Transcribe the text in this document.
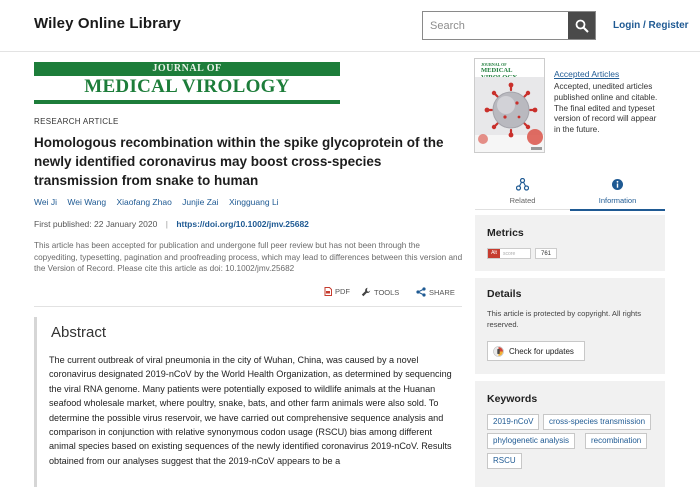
Wiley Online Library
Search	Login / Register
JOURNAL OF
MEDICAL VIROLOGY
RESEARCH ARTICLE
Homologous recombination within the spike glycoprotein of the newly identified coronavirus may boost cross‐species transmission from snake to human
Wei Ji Wei Wang Xiaofang Zhao Junjie Zai Xingguang Li
First published: 22 January 2020 | https://doi.org/10.1002/jmv.25682
This article has been accepted for publication and undergone full peer review but has not been through the copyediting, typesetting, pagination and proofreading process, which may lead to differences between this version and the Version of Record. Please cite this article as doi: 10.1002/jmv.25682
PDF	TOOLS	SHARE
Abstract
The current outbreak of viral pneumonia in the city of Wuhan, China, was caused by a novel coronavirus designated 2019‐nCoV by the World Health Organization, as determined by sequencing the viral RNA genome. Many patients were potentially exposed to wildlife animals at the Huanan seafood wholesale market, where poultry, snake, bats, and other farm animals were also sold. To determine the possible virus reservoir, we have carried out comprehensive sequence analysis and comparison in conjunction with relative synonymous codon usage (RSCU) bias among different animal species based on existing sequences of the newly identified coronavirus 2019‐nCoV. Results obtained from our analyses suggest that the 2019‐nCoV appears to be a
JOURNAL OF
MEDICAL	Accepted Articles
Accepted, unedited articles published online and citable. The final edited and typeset version of record will appear in the future.
Related	Information
Metrics
Alt	score	761
Details
This article is protected by copyright. All rights reserved.
Check for updates
Keywords
2019‐nCoV	cross‐species transmission
phylogenetic analysis	recombination
RSCU
